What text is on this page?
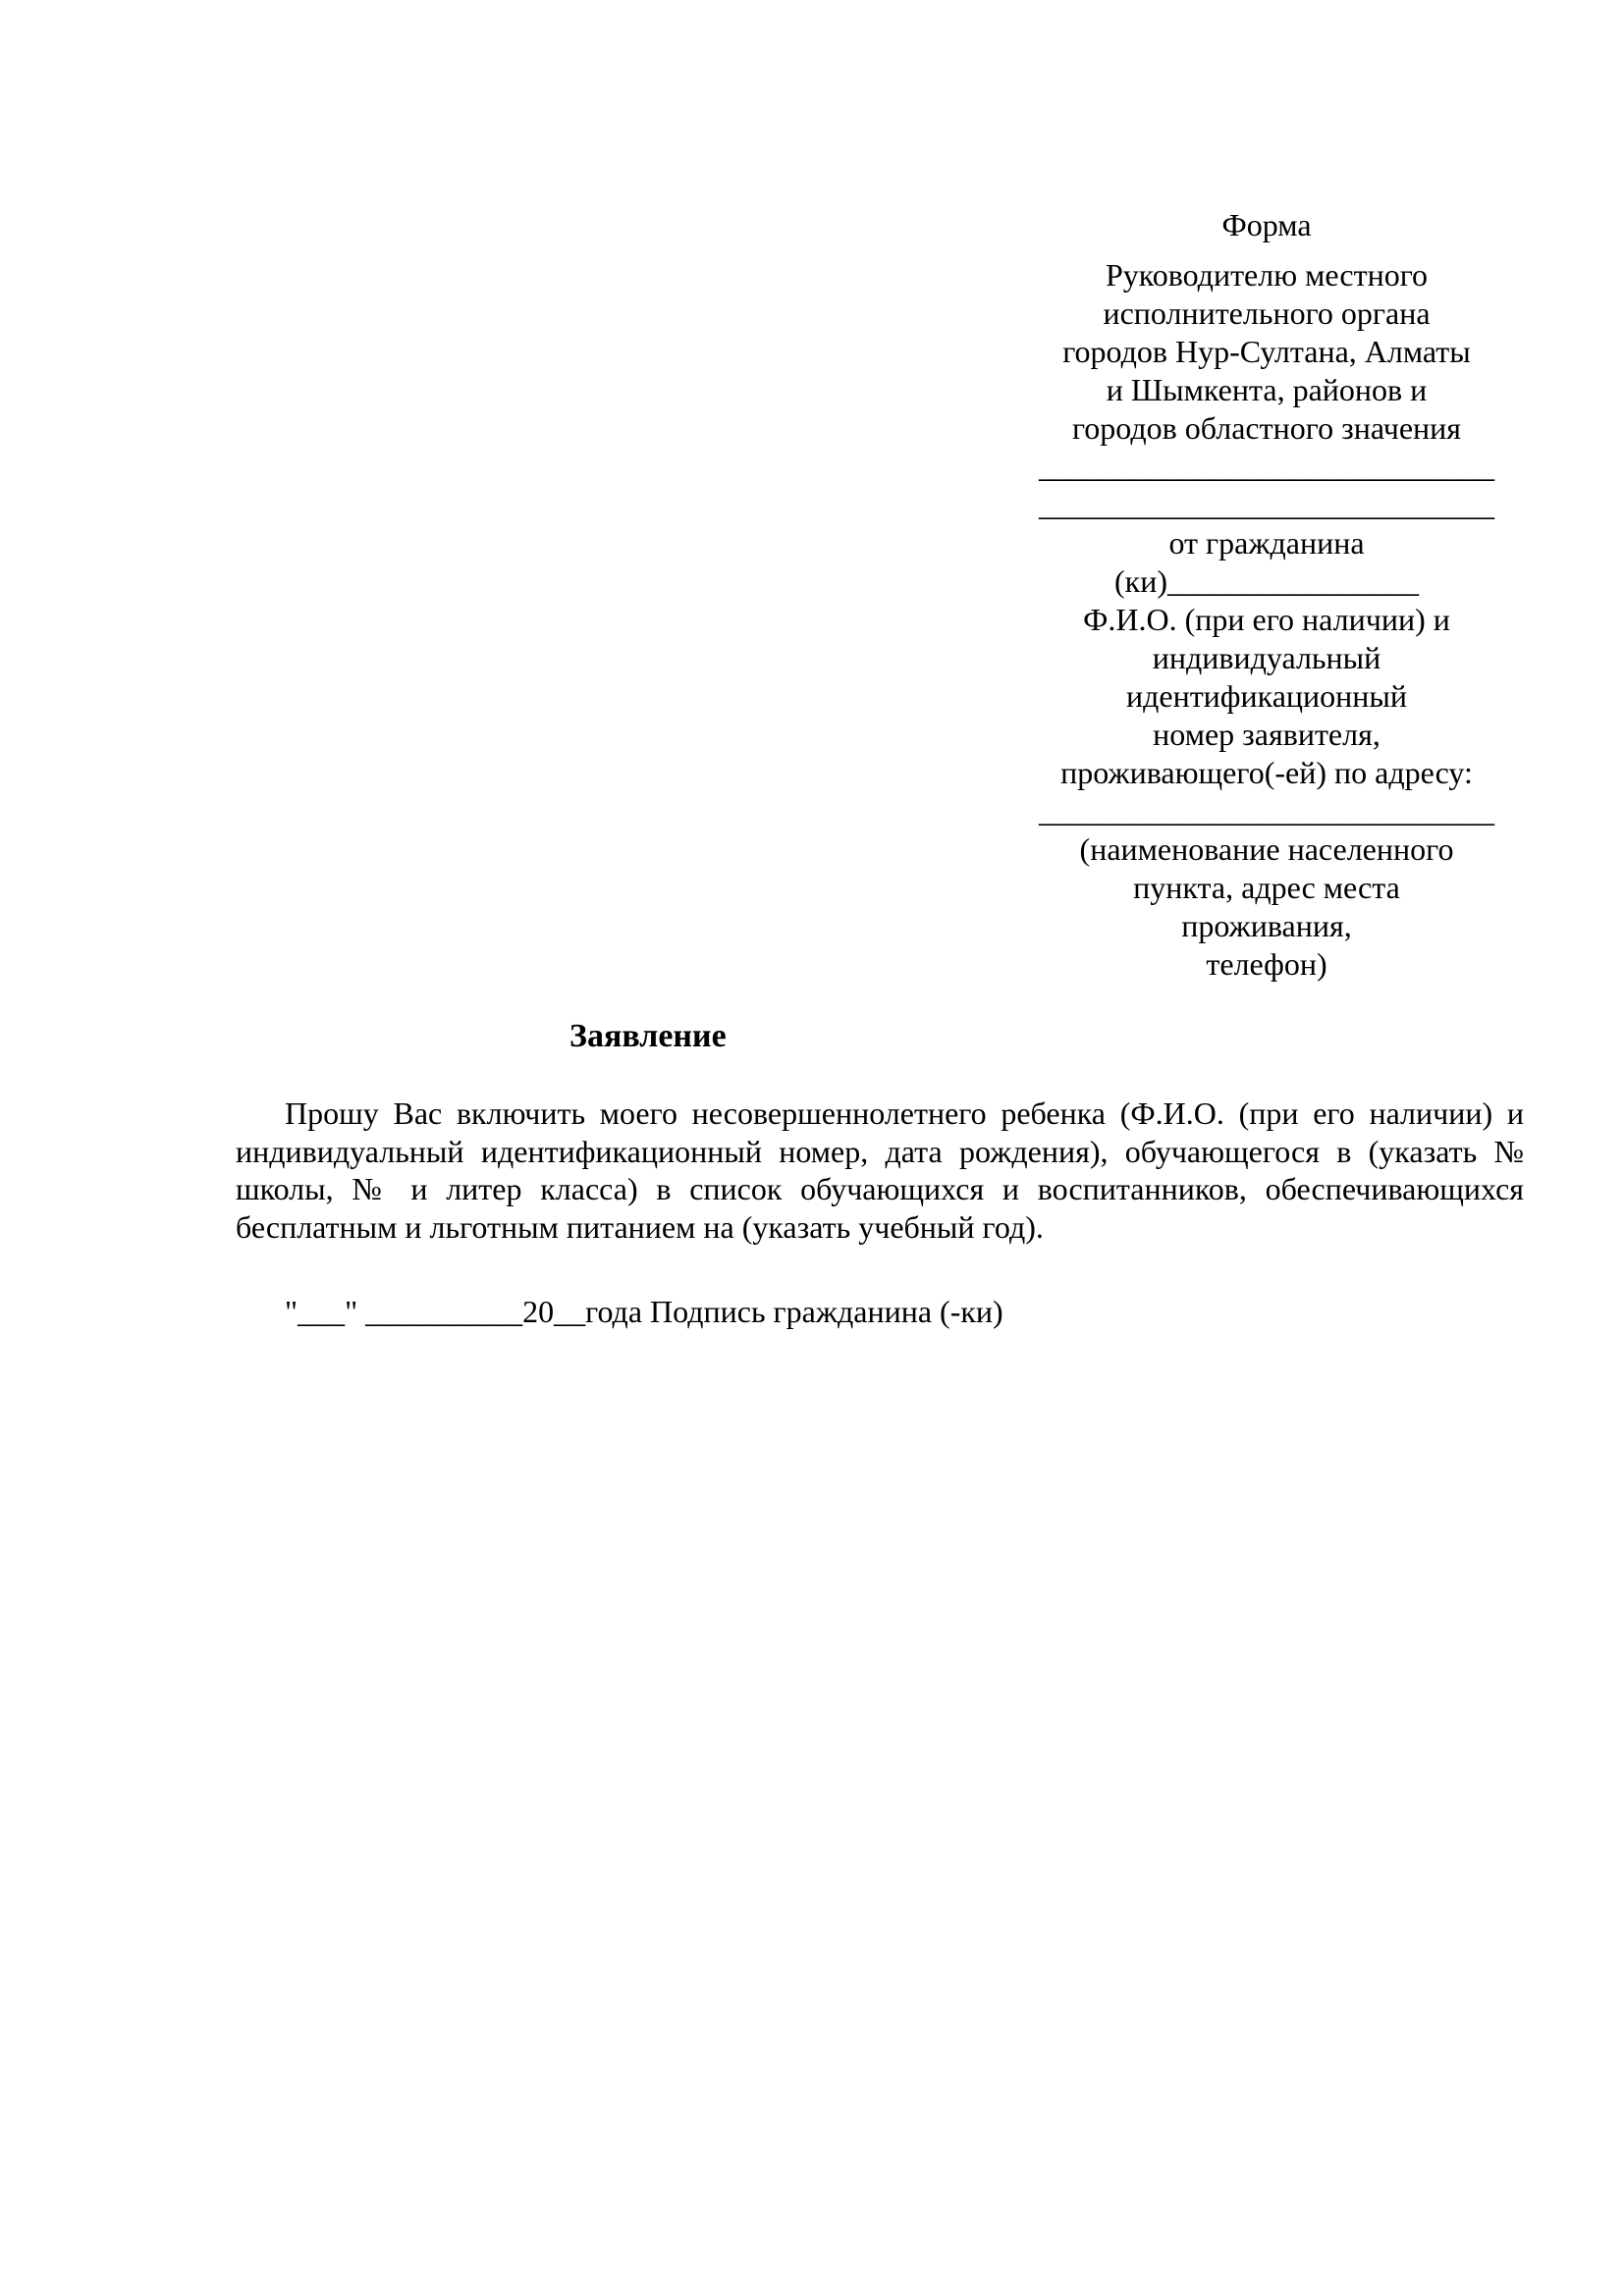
Форма
Руководителю местного
исполнительного органа
городов Нур-Султана, Алматы
и Шымкента, районов и
городов областного значения
_____________________________
_____________________________
от гражданина
(ки)________________
Ф.И.О. (при его наличии) и
индивидуальный
идентификационный
номер заявителя,
проживающего(-ей) по адресу:
_____________________________
(наименование населенного
пункта, адрес места
проживания,
телефон)
Заявление
Прошу Вас включить моего несовершеннолетнего ребенка (Ф.И.О. (при его наличии) и индивидуальный идентификационный номер, дата рождения), обучающегося в (указать № школы, № и литер класса) в список обучающихся и воспитанников, обеспечивающихся бесплатным и льготным питанием на (указать учебный год).
"___" __________20__года Подпись гражданина (-ки)
